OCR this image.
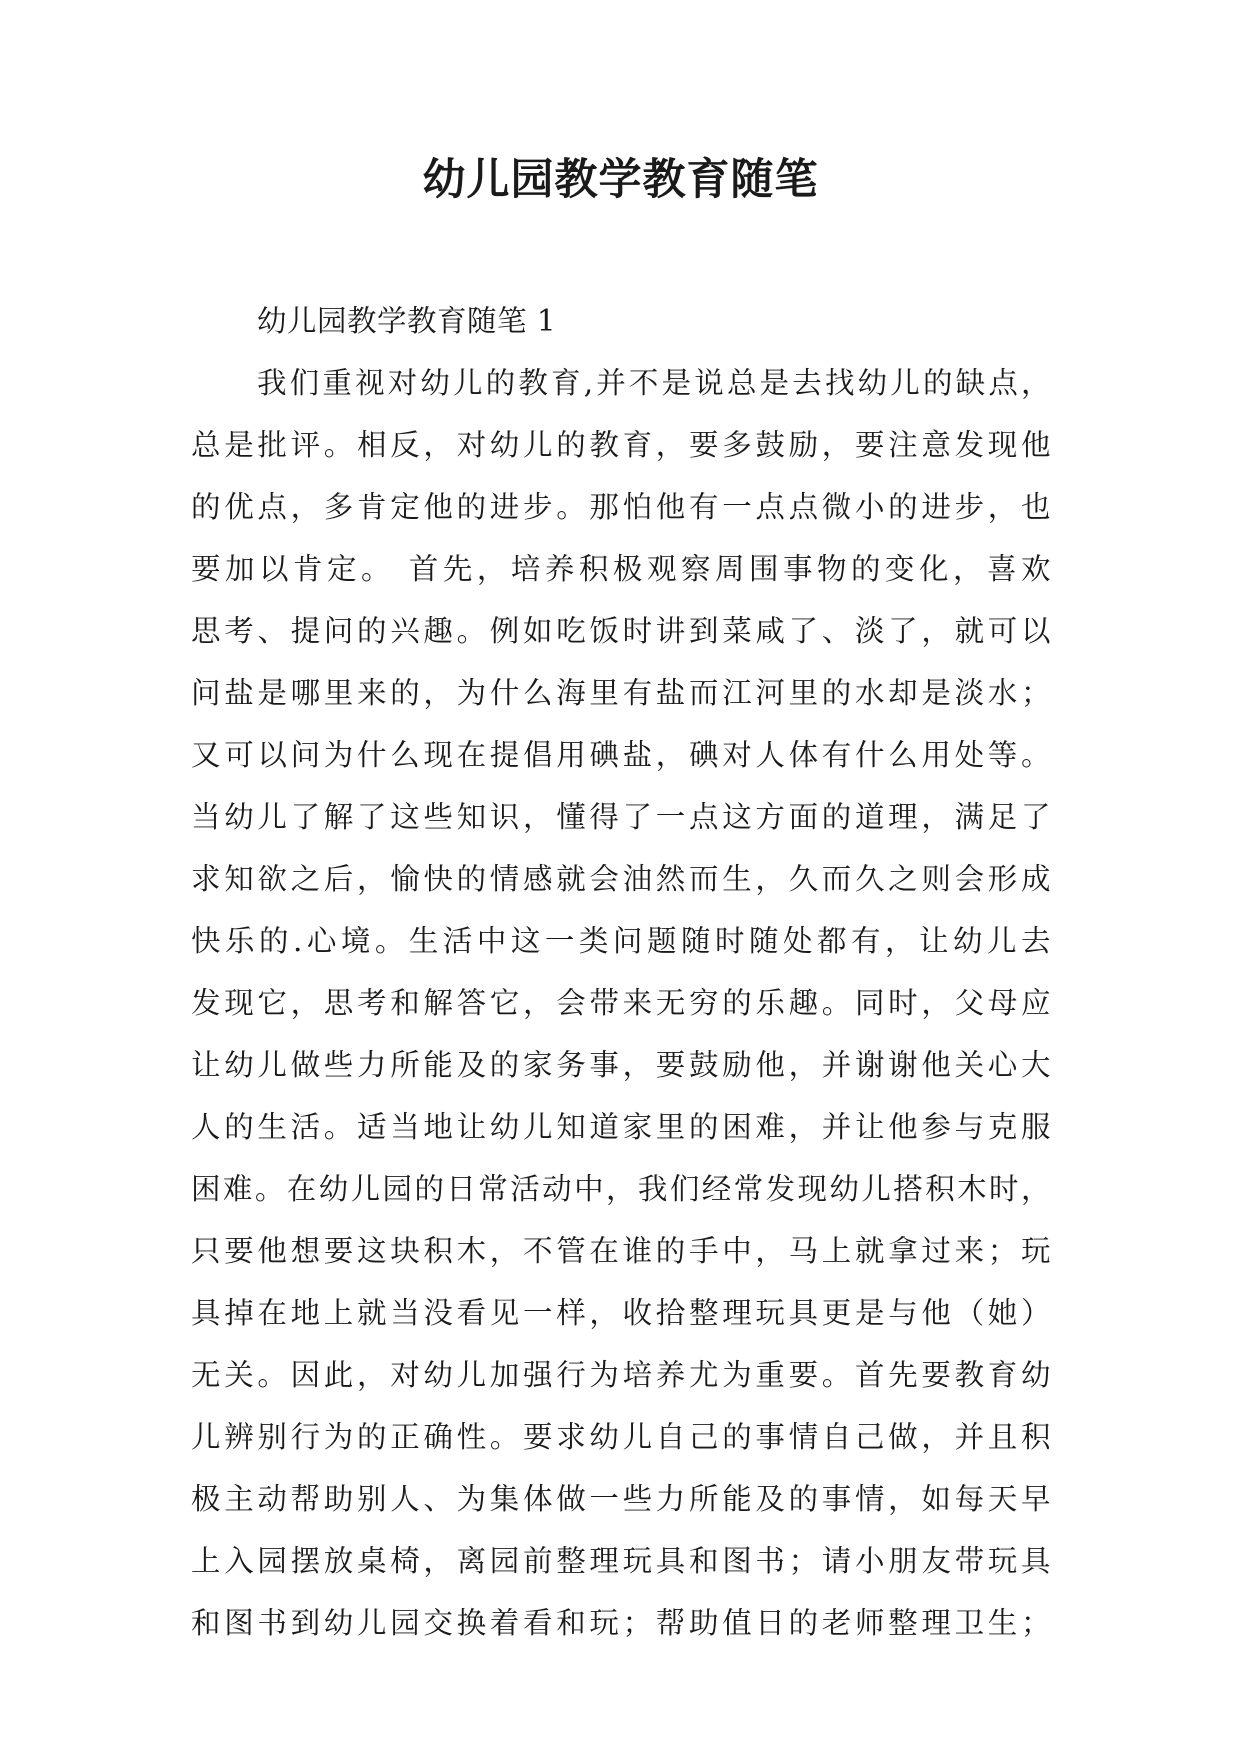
幼儿园教学教育随笔
幼儿园教学教育随笔 1
我们重视对幼儿的教育,并不是说总是去找幼儿的缺点，
总是批评。相反，对幼儿的教育，要多鼓励，要注意发现他
的优点，多肯定他的进步。那怕他有一点点微小的进步，也
要加以肯定。 首先，培养积极观察周围事物的变化，喜欢
思考、提问的兴趣。例如吃饭时讲到菜咸了、淡了，就可以
问盐是哪里来的，为什么海里有盐而江河里的水却是淡水；
又可以问为什么现在提倡用碘盐，碘对人体有什么用处等。
当幼儿了解了这些知识，懂得了一点这方面的道理，满足了
求知欲之后，愉快的情感就会油然而生，久而久之则会形成
快乐的.心境。生活中这一类问题随时随处都有，让幼儿去
发现它，思考和解答它，会带来无穷的乐趣。同时，父母应
让幼儿做些力所能及的家务事，要鼓励他，并谢谢他关心大
人的生活。适当地让幼儿知道家里的困难，并让他参与克服
困难。在幼儿园的日常活动中，我们经常发现幼儿搭积木时，
只要他想要这块积木，不管在谁的手中，马上就拿过来；玩
具掉在地上就当没看见一样，收拾整理玩具更是与他（她）
无关。因此，对幼儿加强行为培养尤为重要。首先要教育幼
儿辨别行为的正确性。要求幼儿自己的事情自己做，并且积
极主动帮助别人、为集体做一些力所能及的事情，如每天早
上入园摆放桌椅，离园前整理玩具和图书；请小朋友带玩具
和图书到幼儿园交换着看和玩；帮助值日的老师整理卫生；
